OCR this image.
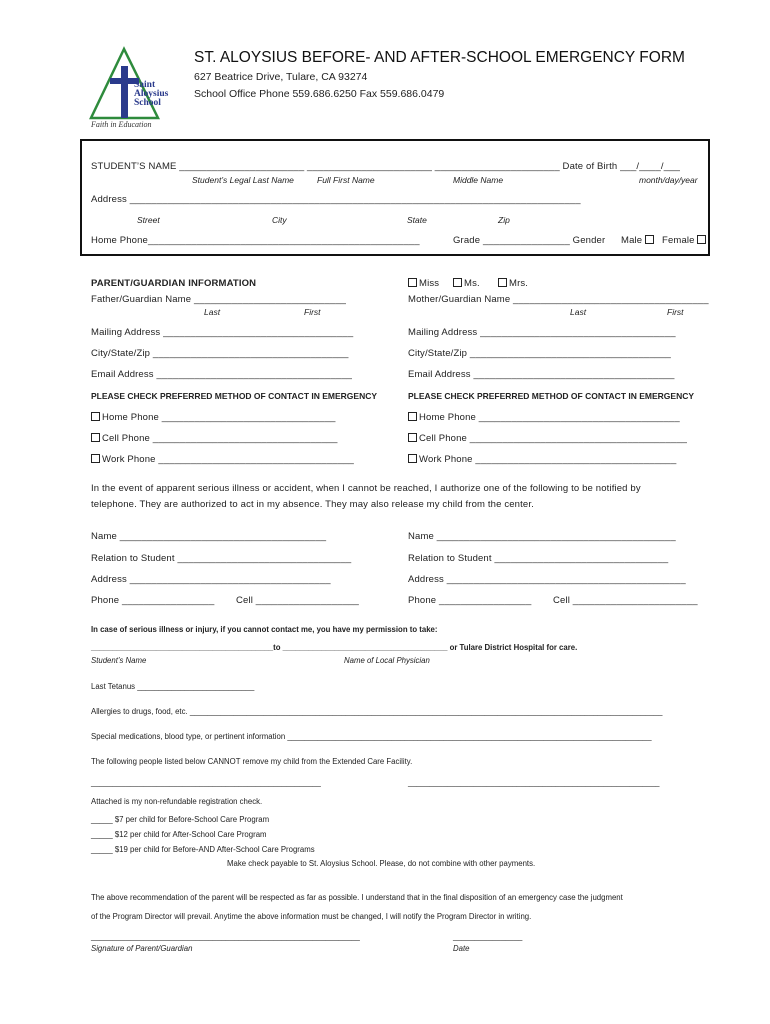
Saint
Aloysius
School
Faith in Education
ST. ALOYSIUS BEFORE- AND AFTER-SCHOOL EMERGENCY FORM
627 Beatrice Drive, Tulare, CA 93274
School Office Phone 559.686.6250 Fax 559.686.0479
STUDENT’S NAME _______________________ _______________________ _______________________ Date of Birth ___/____/___
Student’s Legal Last Name	Full First Name	Middle Name	month/day/year
Address ___________________________________________________________________________________
Street	City	State	Zip
Home Phone__________________________________________________	Grade ________________ Gender Male	Female
PARENT/GUARDIAN INFORMATION	Miss	Ms.	Mrs.
Father/Guardian Name ____________________________	Mother/Guardian Name ____________________________________
Last	First	Last	First
Mailing Address ___________________________________	Mailing Address ____________________________________
City/State/Zip ____________________________________	City/State/Zip _____________________________________
Email Address ____________________________________	Email Address _____________________________________
PLEASE CHECK PREFERRED METHOD OF CONTACT IN EMERGENCY	PLEASE CHECK PREFERRED METHOD OF CONTACT IN EMERGENCY
Home Phone ________________________________	Home Phone _____________________________________
Cell Phone __________________________________	Cell Phone ________________________________________
Work Phone ____________________________________	Work Phone _____________________________________
In the event of apparent serious illness or accident, when I cannot be reached, I authorize one of the following to be notified by
telephone. They are authorized to act in my absence. They may also release my child from the center.
Name ______________________________________	Name ____________________________________________
Relation to Student ________________________________	Relation to Student ________________________________
Address _____________________________________	Address ____________________________________________
Phone _________________ Cell ___________________	Phone _________________ Cell _______________________
In case of serious illness or injury, if you cannot contact me, you have my permission to take:
__________________________________________to ______________________________________ or Tulare District Hospital for care.
Student’s Name	Name of Local Physician
Last Tetanus ___________________________
Allergies to drugs, food, etc. _____________________________________________________________________________________________________________
Special medications, blood type, or pertinent information ____________________________________________________________________________________
The following people listed below CANNOT remove my child from the Extended Care Facility.
_____________________________________________________	__________________________________________________________
Attached is my non-refundable registration check.
_____ $7 per child for Before-School Care Program
_____ $12 per child for After-School Care Program
_____ $19 per child for Before-AND After-School Care Programs
Make check payable to St. Aloysius School. Please, do not combine with other payments.
The above recommendation of the parent will be respected as far as possible. I understand that in the final disposition of an emergency case the judgment
of the Program Director will prevail. Anytime the above information must be changed, I will notify the Program Director in writing.
______________________________________________________________	________________
Signature of Parent/Guardian	Date
